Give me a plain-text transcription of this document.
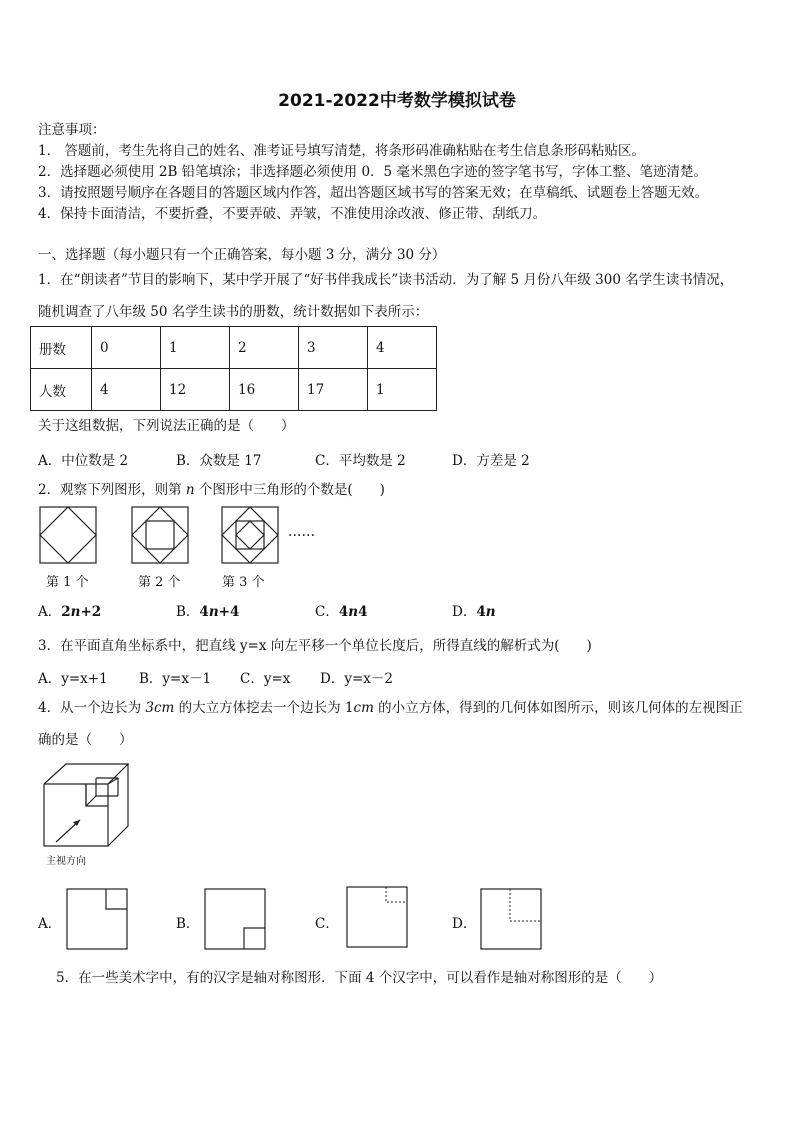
2021-2022中考数学模拟试卷
注意事项：
1． 答题前，考生先将自己的姓名、准考证号填写清楚，将条形码准确粘贴在考生信息条形码粘贴区。
2．选择题必须使用 2B 铅笔填涂；非选择题必须使用 0．5 毫米黑色字迹的签字笔书写，字体工整、笔迹清楚。
3．请按照题号顺序在各题目的答题区域内作答，超出答题区域书写的答案无效；在草稿纸、试题卷上答题无效。
4．保持卡面清洁，不要折叠，不要弄破、弄皱，不准使用涂改液、修正带、刮纸刀。
一、选择题（每小题只有一个正确答案，每小题 3 分，满分 30 分）
1．在“朗读者”节目的影响下，某中学开展了“好书伴我成长”读书活动．为了解 5 月份八年级 300 名学生读书情况，
随机调查了八年级 50 名学生读书的册数，统计数据如下表所示：
册数	0	1	2	3	4
人数	4	12	16	17	1
关于这组数据，下列说法正确的是（　　）
A．中位数是 2	B．众数是 17	C．平均数是 2	D．方差是 2
2．观察下列图形，则第 n 个图形中三角形的个数是(　　)
……
第 1 个	第 2 个	第 3 个
A．2n+2	B．4n+4	C．4n4	D．4n
3．在平面直角坐标系中，把直线 y=x 向左平移一个单位长度后，所得直线的解析式为(　　)
A．y=x+1 B．y=x－1 C．y=x D．y=x－2
4．从一个边长为 3cm 的大立方体挖去一个边长为 1cm 的小立方体，得到的几何体如图所示，则该几何体的左视图正
确的是（　　）
主视方向
A．	B．	C．	D．
5．在一些美术字中，有的汉字是轴对称图形．下面 4 个汉字中，可以看作是轴对称图形的是（　　）
